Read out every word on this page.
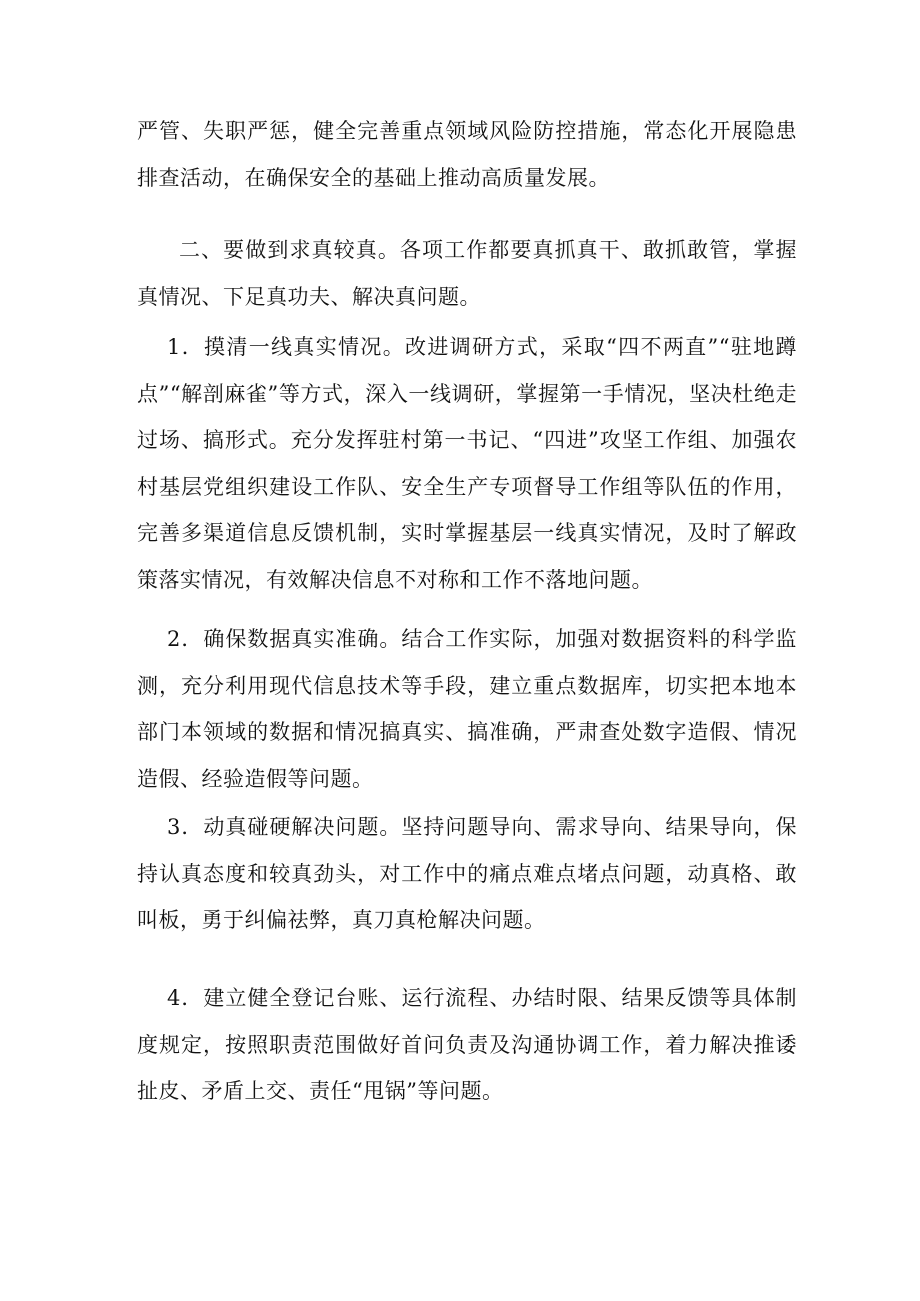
严管、失职严惩，健全完善重点领域风险防控措施，常态化开展隐患排查活动，在确保安全的基础上推动高质量发展。

二、要做到求真较真。各项工作都要真抓真干、敢抓敢管，掌握真情况、下足真功夫、解决真问题。

1．摸清一线真实情况。改进调研方式，采取“四不两直”“驻地蹲点”“解剖麻雀”等方式，深入一线调研，掌握第一手情况，坚决杜绝走过场、搞形式。充分发挥驻村第一书记、“四进”攻坚工作组、加强农村基层党组织建设工作队、安全生产专项督导工作组等队伍的作用，完善多渠道信息反馈机制，实时掌握基层一线真实情况，及时了解政策落实情况，有效解决信息不对称和工作不落地问题。

2．确保数据真实准确。结合工作实际，加强对数据资料的科学监测，充分利用现代信息技术等手段，建立重点数据库，切实把本地本部门本领域的数据和情况搞真实、搞准确，严肃查处数字造假、情况造假、经验造假等问题。

3．动真碰硬解决问题。坚持问题导向、需求导向、结果导向，保持认真态度和较真劲头，对工作中的痛点难点堵点问题，动真格、敢叫板，勇于纠偏祛弊，真刀真枪解决问题。

4．建立健全登记台账、运行流程、办结时限、结果反馈等具体制度规定，按照职责范围做好首问负责及沟通协调工作，着力解决推诿扯皮、矛盾上交、责任“甩锅”等问题。
